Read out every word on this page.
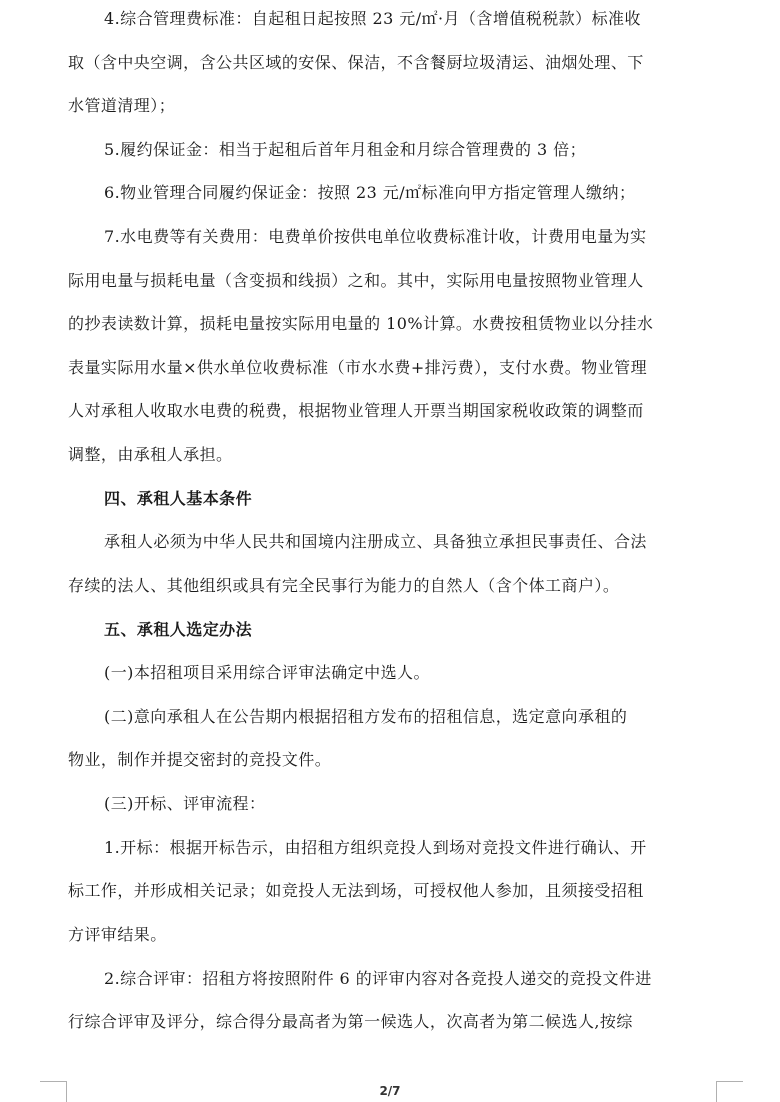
4.综合管理费标准：自起租日起按照 23 元/㎡·月（含增值税税款）标准收
取（含中央空调，含公共区域的安保、保洁，不含餐厨垃圾清运、油烟处理、下
水管道清理）；
5.履约保证金：相当于起租后首年月租金和月综合管理费的 3 倍；
6.物业管理合同履约保证金：按照 23 元/㎡标准向甲方指定管理人缴纳；
7.水电费等有关费用：电费单价按供电单位收费标准计收，计费用电量为实
际用电量与损耗电量（含变损和线损）之和。其中，实际用电量按照物业管理人
的抄表读数计算，损耗电量按实际用电量的 10%计算。水费按租赁物业以分挂水
表量实际用水量×供水单位收费标准（市水水费+排污费），支付水费。物业管理
人对承租人收取水电费的税费，根据物业管理人开票当期国家税收政策的调整而
调整，由承租人承担。
四、承租人基本条件
承租人必须为中华人民共和国境内注册成立、具备独立承担民事责任、合法
存续的法人、其他组织或具有完全民事行为能力的自然人（含个体工商户）。
五、承租人选定办法
(一)本招租项目采用综合评审法确定中选人。
(二)意向承租人在公告期内根据招租方发布的招租信息，选定意向承租的
物业，制作并提交密封的竞投文件。
(三)开标、评审流程：
1.开标：根据开标告示，由招租方组织竞投人到场对竞投文件进行确认、开
标工作，并形成相关记录；如竞投人无法到场，可授权他人参加，且须接受招租
方评审结果。
2.综合评审：招租方将按照附件 6 的评审内容对各竞投人递交的竞投文件进
行综合评审及评分，综合得分最高者为第一候选人，次高者为第二候选人,按综
2/7
